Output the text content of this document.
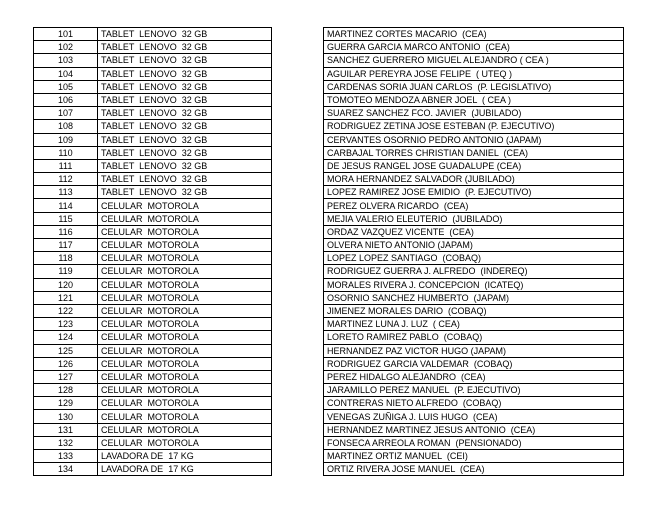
101	TABLET  LENOVO  32 GB		MARTINEZ CORTES MACARIO  (CEA)
102	TABLET  LENOVO  32 GB		GUERRA GARCIA MARCO ANTONIO  (CEA)
103	TABLET  LENOVO  32 GB		SANCHEZ GUERRERO MIGUEL ALEJANDRO ( CEA )
104	TABLET  LENOVO  32 GB		AGUILAR PEREYRA JOSE FELIPE  ( UTEQ )
105	TABLET  LENOVO  32 GB		CARDENAS SORIA JUAN CARLOS  (P. LEGISLATIVO)
106	TABLET  LENOVO  32 GB		TOMOTEO MENDOZA ABNER JOEL  ( CEA )
107	TABLET  LENOVO  32 GB		SUAREZ SANCHEZ FCO. JAVIER  (JUBILADO)
108	TABLET  LENOVO  32 GB		RODRIGUEZ ZETINA JOSE ESTEBAN (P. EJECUTIVO)
109	TABLET  LENOVO  32 GB		CERVANTES OSORNIO PEDRO ANTONIO (JAPAM)
110	TABLET  LENOVO  32 GB		CARBAJAL TORRES CHRISTIAN DANIEL  (CEA)
111	TABLET  LENOVO  32 GB		DE JESUS RANGEL JOSE GUADALUPE (CEA)
112	TABLET  LENOVO  32 GB		MORA HERNANDEZ SALVADOR (JUBILADO)
113	TABLET  LENOVO  32 GB		LOPEZ RAMIREZ JOSE EMIDIO  (P. EJECUTIVO)
114	CELULAR  MOTOROLA		PEREZ OLVERA RICARDO  (CEA)
115	CELULAR  MOTOROLA		MEJIA VALERIO ELEUTERIO  (JUBILADO)
116	CELULAR  MOTOROLA		ORDAZ VAZQUEZ VICENTE  (CEA)
117	CELULAR  MOTOROLA		OLVERA NIETO ANTONIO (JAPAM)
118	CELULAR  MOTOROLA		LOPEZ LOPEZ SANTIAGO  (COBAQ)
119	CELULAR  MOTOROLA		RODRIGUEZ GUERRA J. ALFREDO  (INDEREQ)
120	CELULAR  MOTOROLA		MORALES RIVERA J. CONCEPCION  (ICATEQ)
121	CELULAR  MOTOROLA		OSORNIO SANCHEZ HUMBERTO  (JAPAM)
122	CELULAR  MOTOROLA		JIMENEZ MORALES DARIO  (COBAQ)
123	CELULAR  MOTOROLA		MARTINEZ LUNA J. LUZ  ( CEA)
124	CELULAR  MOTOROLA		LORETO RAMIREZ PABLO  (COBAQ)
125	CELULAR  MOTOROLA		HERNANDEZ PAZ VICTOR HUGO (JAPAM)
126	CELULAR  MOTOROLA		RODRIGUEZ GARCIA VALDEMAR  (COBAQ)
127	CELULAR  MOTOROLA		PEREZ HIDALGO ALEJANDRO  (CEA)
128	CELULAR  MOTOROLA		JARAMILLO PEREZ MANUEL  (P. EJECUTIVO)
129	CELULAR  MOTOROLA		CONTRERAS NIETO ALFREDO  (COBAQ)
130	CELULAR  MOTOROLA		VENEGAS ZUÑIGA J. LUIS HUGO  (CEA)
131	CELULAR  MOTOROLA		HERNANDEZ MARTINEZ JESUS ANTONIO  (CEA)
132	CELULAR  MOTOROLA		FONSECA ARREOLA ROMAN  (PENSIONADO)
133	LAVADORA DE  17 KG		MARTINEZ ORTIZ MANUEL  (CEI)
134	LAVADORA DE  17 KG		ORTIZ RIVERA JOSE MANUEL  (CEA)
